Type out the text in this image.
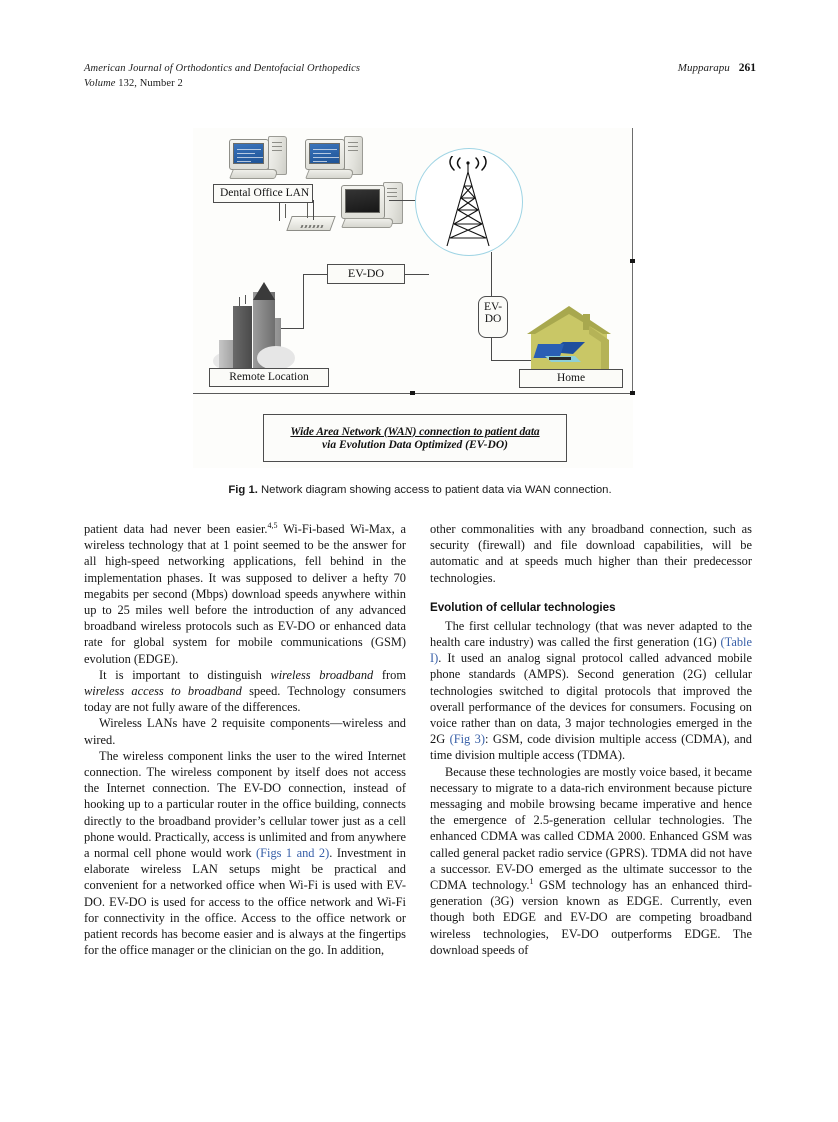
American Journal of Orthodontics and Dentofacial Orthopedics
Volume 132, Number 2
Mupparapu 261
Dental Office LAN
EV-DO
EV-
DO
Remote Location	Home
Wide Area Network (WAN) connection to patient data
via Evolution Data Optimized (EV-DO)
Fig 1. Network diagram showing access to patient data via WAN connection.

patient data had never been easier.$^{4,5}$ Wi-Fi-based Wi-Max, a wireless technology that at 1 point seemed to be the answer for all high-speed networking applications, fell behind in the implementation phases. It was supposed to deliver a hefty 70 megabits per second (Mbps) download speeds anywhere within up to 25 miles well before the introduction of any advanced broadband wireless protocols such as EV-DO or enhanced data rate for global system for mobile communications (GSM) evolution (EDGE).

It is important to distinguish wireless broadband from wireless access to broadband speed. Technology consumers today are not fully aware of the differences.

Wireless LANs have 2 requisite components—wireless and wired.

The wireless component links the user to the wired Internet connection. The wireless component by itself does not access the Internet connection. The EV-DO connection, instead of hooking up to a particular router in the office building, connects directly to the broadband provider’s cellular tower just as a cell phone would. Practically, access is unlimited and from anywhere a normal cell phone would work (Figs 1 and 2). Investment in elaborate wireless LAN setups might be practical and convenient for a networked office when Wi-Fi is used with EV-DO. EV-DO is used for access to the office network and Wi-Fi for connectivity in the office. Access to the office network or patient records has become easier and is always at the fingertips for the office manager or the clinician on the go. In addition,

other commonalities with any broadband connection, such as security (firewall) and file download capabilities, will be automatic and at speeds much higher than their predecessor technologies.

Evolution of cellular technologies

The first cellular technology (that was never adapted to the health care industry) was called the first generation (1G) (Table I). It used an analog signal protocol called advanced mobile phone standards (AMPS). Second generation (2G) cellular technologies switched to digital protocols that improved the overall performance of the devices for consumers. Focusing on voice rather than on data, 3 major technologies emerged in the 2G (Fig 3): GSM, code division multiple access (CDMA), and time division multiple access (TDMA).

Because these technologies are mostly voice based, it became necessary to migrate to a data-rich environment because picture messaging and mobile browsing became imperative and hence the emergence of 2.5-generation cellular technologies. The enhanced CDMA was called CDMA 2000. Enhanced GSM was called general packet radio service (GPRS). TDMA did not have a successor. EV-DO emerged as the ultimate successor to the CDMA technology.$^1$ GSM technology has an enhanced third-generation (3G) version known as EDGE. Currently, even though both EDGE and EV-DO are competing broadband wireless technologies, EV-DO outperforms EDGE. The download speeds of
